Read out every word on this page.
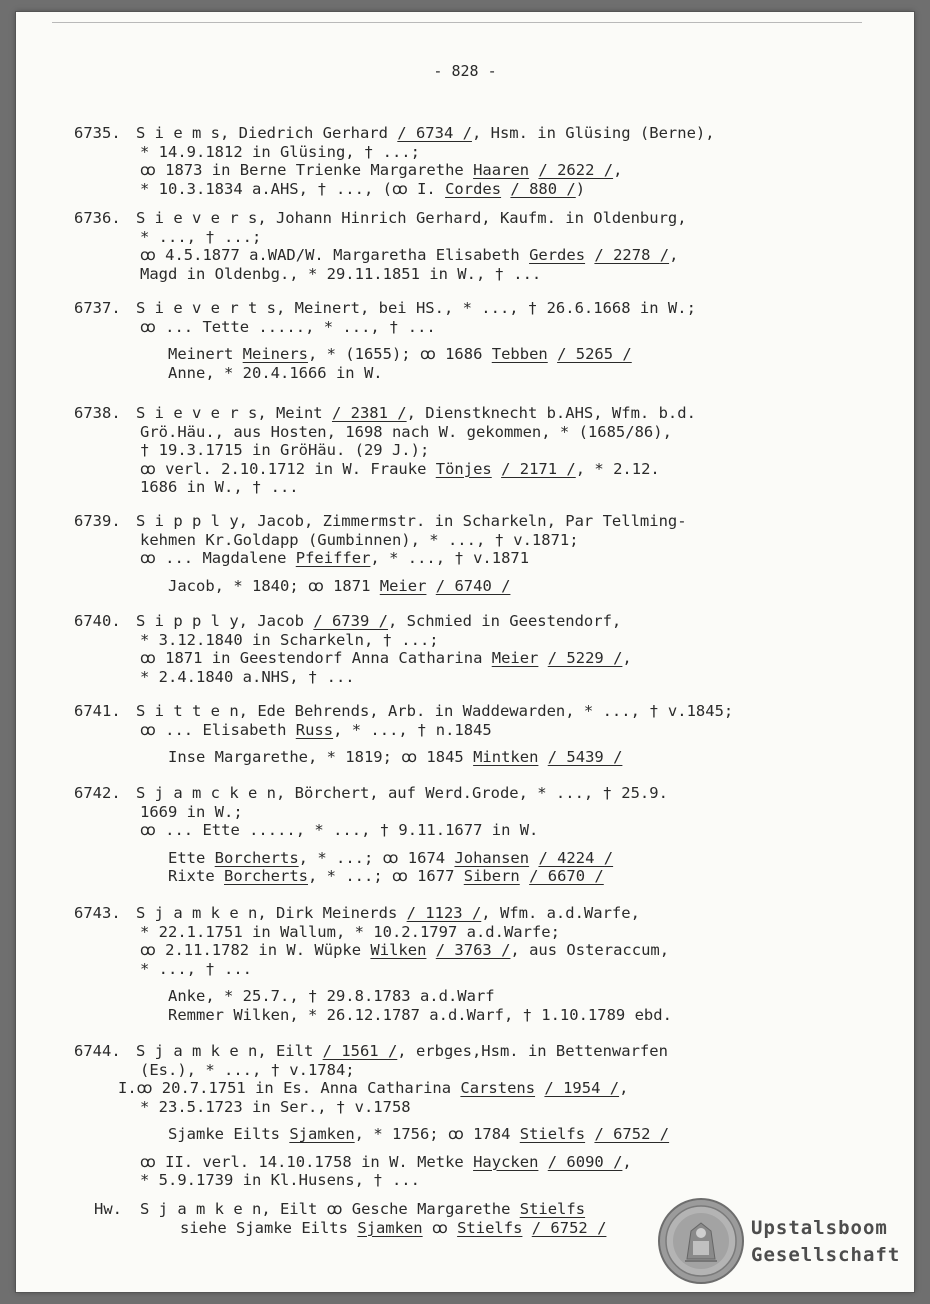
- 828 -
6735. S i e m s, Diedrich Gerhard / 6734 /, Hsm. in Glüsing (Berne),
* 14.9.1812 in Glüsing, † ...;
ꝏ 1873 in Berne Trienke Margarethe Haaren / 2622 /,
* 10.3.1834 a.AHS, † ..., (ꝏ I. Cordes / 880 /)
6736. S i e v e r s, Johann Hinrich Gerhard, Kaufm. in Oldenburg,
* ..., † ...;
ꝏ 4.5.1877 a.WAD/W. Margaretha Elisabeth Gerdes / 2278 /,
Magd in Oldenbg., * 29.11.1851 in W., † ...
6737. S i e v e r t s, Meinert, bei HS., * ..., † 26.6.1668 in W.;
ꝏ ... Tette ....., * ..., † ...
Meinert Meiners, * (1655); ꝏ 1686 Tebben / 5265 /
Anne, * 20.4.1666 in W.
6738. S i e v e r s, Meint / 2381 /, Dienstknecht b.AHS, Wfm. b.d.
Grö.Häu., aus Hosten, 1698 nach W. gekommen, * (1685/86),
† 19.3.1715 in GröHäu. (29 J.);
ꝏ verl. 2.10.1712 in W. Frauke Tönjes / 2171 /, * 2.12.
1686 in W., † ...
6739. S i p p l y, Jacob, Zimmermstr. in Scharkeln, Par Tellming-
kehmen Kr.Goldapp (Gumbinnen), * ..., † v.1871;
ꝏ ... Magdalene Pfeiffer, * ..., † v.1871
Jacob, * 1840; ꝏ 1871 Meier / 6740 /
6740. S i p p l y, Jacob / 6739 /, Schmied in Geestendorf,
* 3.12.1840 in Scharkeln, † ...;
ꝏ 1871 in Geestendorf Anna Catharina Meier / 5229 /,
* 2.4.1840 a.NHS, † ...
6741. S i t t e n, Ede Behrends, Arb. in Waddewarden, * ..., † v.1845;
ꝏ ... Elisabeth Russ, * ..., † n.1845
Inse Margarethe, * 1819; ꝏ 1845 Mintken / 5439 /
6742. S j a m c k e n, Börchert, auf Werd.Grode, * ..., † 25.9.
1669 in W.;
ꝏ ... Ette ....., * ..., † 9.11.1677 in W.
Ette Borcherts, * ...; ꝏ 1674 Johansen / 4224 /
Rixte Borcherts, * ...; ꝏ 1677 Sibern / 6670 /
6743. S j a m k e n, Dirk Meinerds / 1123 /, Wfm. a.d.Warfe,
* 22.1.1751 in Wallum, * 10.2.1797 a.d.Warfe;
ꝏ 2.11.1782 in W. Wüpke Wilken / 3763 /, aus Osteraccum,
* ..., † ...
Anke, * 25.7., † 29.8.1783 a.d.Warf
Remmer Wilken, * 26.12.1787 a.d.Warf, † 1.10.1789 ebd.
6744. S j a m k e n, Eilt / 1561 /, erbges,Hsm. in Bettenwarfen
(Es.), * ..., † v.1784;
I.ꝏ 20.7.1751 in Es. Anna Catharina Carstens / 1954 /,
* 23.5.1723 in Ser., † v.1758
Sjamke Eilts Sjamken, * 1756; ꝏ 1784 Stielfs / 6752 /
ꝏ II. verl. 14.10.1758 in W. Metke Haycken / 6090 /,
* 5.9.1739 in Kl.Husens, † ...
Hw. S j a m k e n, Eilt ꝏ Gesche Margarethe Stielfs
siehe Sjamke Eilts Sjamken ꝏ Stielfs / 6752 /	Upstalsboom
Gesellschaft
